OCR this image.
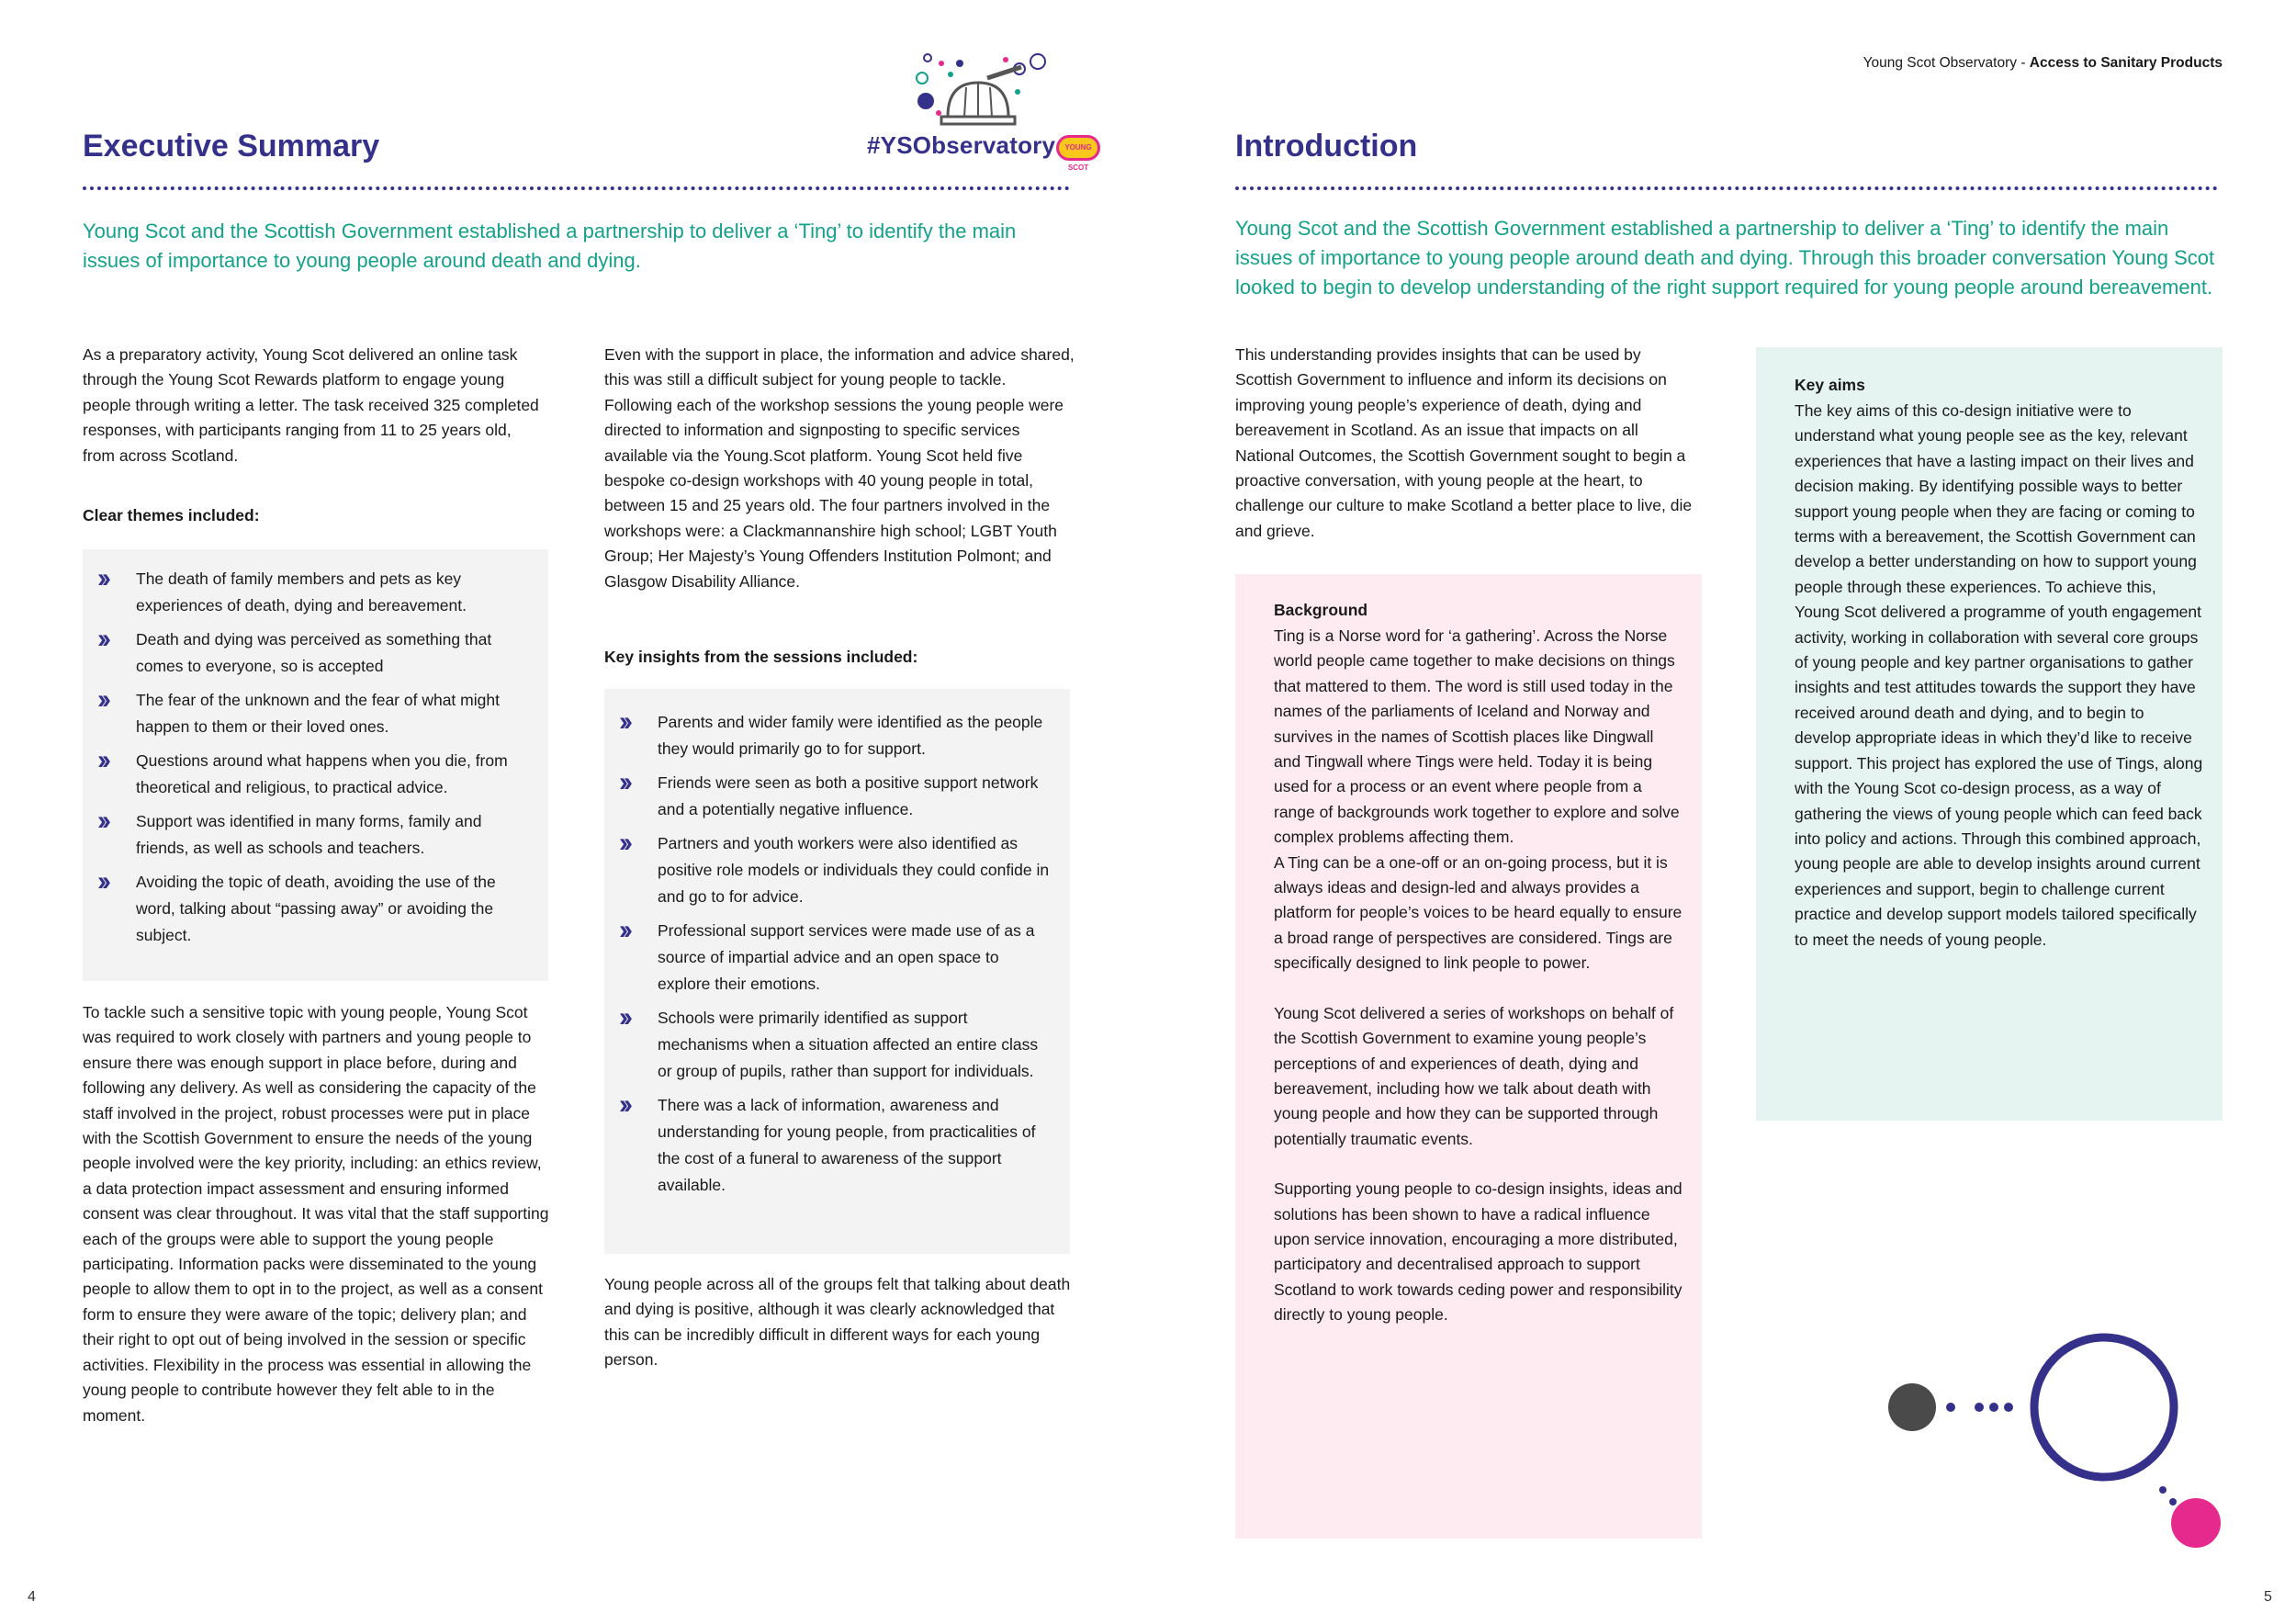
Young Scot Observatory - Access to Sanitary Products
#YSObservatory	YOUNG SCOT
Executive Summary

Young Scot and the Scottish Government established a partnership to deliver a ‘Ting’ to identify the main issues of importance to young people around death and dying.

As a preparatory activity, Young Scot delivered an online task through the Young Scot Rewards platform to engage young people through writing a letter. The task received 325 completed responses, with participants ranging from 11 to 25 years old, from across Scotland.

Clear themes included:

›› The death of family members and pets as key experiences of death, dying and bereavement.
›› Death and dying was perceived as something that comes to everyone, so is accepted
›› The fear of the unknown and the fear of what might happen to them or their loved ones.
›› Questions around what happens when you die, from theoretical and religious, to practical advice.
›› Support was identified in many forms, family and friends, as well as schools and teachers.
›› Avoiding the topic of death, avoiding the use of the word, talking about “passing away” or avoiding the subject.

To tackle such a sensitive topic with young people, Young Scot was required to work closely with partners and young people to ensure there was enough support in place before, during and following any delivery. As well as considering the capacity of the staff involved in the project, robust processes were put in place with the Scottish Government to ensure the needs of the young people involved were the key priority, including: an ethics review, a data protection impact assessment and ensuring informed consent was clear throughout. It was vital that the staff supporting each of the groups were able to support the young people participating. Information packs were disseminated to the young people to allow them to opt in to the project, as well as a consent form to ensure they were aware of the topic; delivery plan; and their right to opt out of being involved in the session or specific activities. Flexibility in the process was essential in allowing the young people to contribute however they felt able to in the moment.

Even with the support in place, the information and advice shared, this was still a difficult subject for young people to tackle. Following each of the workshop sessions the young people were directed to information and signposting to specific services available via the Young.Scot platform. Young Scot held five bespoke co-design workshops with 40 young people in total, between 15 and 25 years old. The four partners involved in the workshops were: a Clackmannanshire high school; LGBT Youth Group; Her Majesty’s Young Offenders Institution Polmont; and Glasgow Disability Alliance.

Key insights from the sessions included:

›› Parents and wider family were identified as the people they would primarily go to for support.
›› Friends were seen as both a positive support network and a potentially negative influence.
›› Partners and youth workers were also identified as positive role models or individuals they could confide in and go to for advice.
›› Professional support services were made use of as a source of impartial advice and an open space to explore their emotions.
›› Schools were primarily identified as support mechanisms when a situation affected an entire class or group of pupils, rather than support for individuals.
›› There was a lack of information, awareness and understanding for young people, from practicalities of the cost of a funeral to awareness of the support available.

Young people across all of the groups felt that talking about death and dying is positive, although it was clearly acknowledged that this can be incredibly difficult in different ways for each young person.

4
Introduction

Young Scot and the Scottish Government established a partnership to deliver a ‘Ting’ to identify the main issues of importance to young people around death and dying. Through this broader conversation Young Scot looked to begin to develop understanding of the right support required for young people around bereavement.

This understanding provides insights that can be used by Scottish Government to influence and inform its decisions on improving young people’s experience of death, dying and bereavement in Scotland. As an issue that impacts on all National Outcomes, the Scottish Government sought to begin a proactive conversation, with young people at the heart, to challenge our culture to make Scotland a better place to live, die and grieve.

Background

Ting is a Norse word for ‘a gathering’. Across the Norse world people came together to make decisions on things that mattered to them. The word is still used today in the names of the parliaments of Iceland and Norway and survives in the names of Scottish places like Dingwall and Tingwall where Tings were held. Today it is being used for a process or an event where people from a range of backgrounds work together to explore and solve complex problems affecting them.

A Ting can be a one-off or an on-going process, but it is always ideas and design-led and always provides a platform for people’s voices to be heard equally to ensure a broad range of perspectives are considered. Tings are specifically designed to link people to power.

Young Scot delivered a series of workshops on behalf of the Scottish Government to examine young people’s perceptions of and experiences of death, dying and bereavement, including how we talk about death with young people and how they can be supported through potentially traumatic events.

Supporting young people to co-design insights, ideas and solutions has been shown to have a radical influence upon service innovation, encouraging a more distributed, participatory and decentralised approach to support Scotland to work towards ceding power and responsibility directly to young people.

Key aims

The key aims of this co-design initiative were to understand what young people see as the key, relevant experiences that have a lasting impact on their lives and decision making. By identifying possible ways to better support young people when they are facing or coming to terms with a bereavement, the Scottish Government can develop a better understanding on how to support young people through these experiences. To achieve this, Young Scot delivered a programme of youth engagement activity, working in collaboration with several core groups of young people and key partner organisations to gather insights and test attitudes towards the support they have received around death and dying, and to begin to develop appropriate ideas in which they’d like to receive support. This project has explored the use of Tings, along with the Young Scot co-design process, as a way of gathering the views of young people which can feed back into policy and actions. Through this combined approach, young people are able to develop insights around current experiences and support, begin to challenge current practice and develop support models tailored specifically to meet the needs of young people.

5
